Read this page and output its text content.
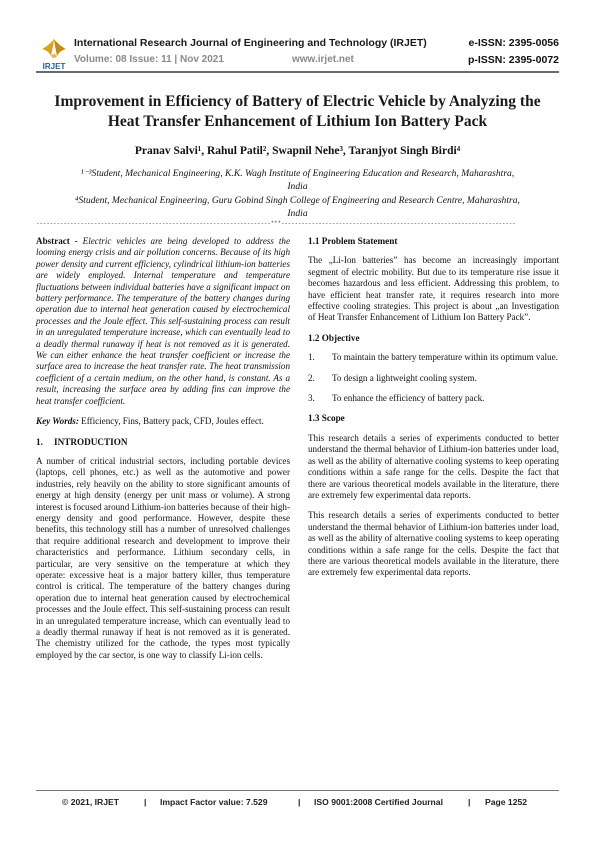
IRJET
International Research Journal of Engineering and Technology (IRJET)	e-ISSN: 2395-0056
Volume: 08 Issue: 11 | Nov 2021	www.irjet.net	p-ISSN: 2395-0072
Improvement in Efficiency of Battery of Electric Vehicle by Analyzing the Heat Transfer Enhancement of Lithium Ion Battery Pack
Pranav Salvi¹, Rahul Patil², Swapnil Nehe³, Taranjyot Singh Birdi⁴
¹⁻³Student, Mechanical Engineering, K.K. Wagh Institute of Engineering Education and Research, Maharashtra, India
⁴Student, Mechanical Engineering, Guru Gobind Singh College of Engineering and Research Centre, Maharashtra, India
---------------------------------------------------------------------***---------------------------------------------------------------------

Abstract - Electric vehicles are being developed to address the looming energy crisis and air pollution concerns. Because of its high power density and current efficiency, cylindrical lithium-ion batteries are widely employed. Internal temperature and temperature fluctuations between individual batteries have a significant impact on battery performance. The temperature of the battery changes during operation due to internal heat generation caused by electrochemical processes and the Joule effect. This self-sustaining process can result in an unregulated temperature increase, which can eventually lead to a deadly thermal runaway if heat is not removed as it is generated. We can either enhance the heat transfer coefficient or increase the surface area to increase the heat transfer rate. The heat transmission coefficient of a certain medium, on the other hand, is constant. As a result, increasing the surface area by adding fins can improve the heat transfer coefficient.

Key Words: Efficiency, Fins, Battery pack, CFD, Joules effect.

1. INTRODUCTION

A number of critical industrial sectors, including portable devices (laptops, cell phones, etc.) as well as the automotive and power industries, rely heavily on the ability to store significant amounts of energy at high density (energy per unit mass or volume). A strong interest is focused around Lithium-ion batteries because of their high-energy density and good performance. However, despite these benefits, this technology still has a number of unresolved challenges that require additional research and development to improve their characteristics and performance. Lithium secondary cells, in particular, are very sensitive on the temperature at which they operate: excessive heat is a major battery killer, thus temperature control is critical. The temperature of the battery changes during operation due to internal heat generation caused by electrochemical processes and the Joule effect. This self-sustaining process can result in an unregulated temperature increase, which can eventually lead to a deadly thermal runaway if heat is not removed as it is generated. The chemistry utilized for the cathode, the types most typically employed by the car sector, is one way to classify Li-ion cells.

1.1 Problem Statement

The „Li-Ion batteries” has become an increasingly important segment of electric mobility. But due to its temperature rise issue it becomes hazardous and less efficient. Addressing this problem, to have efficient heat transfer rate, it requires research into more effective cooling strategies. This project is about „an Investigation of Heat Transfer Enhancement of Lithium Ion Battery Pack”.

1.2 Objective
1. To maintain the battery temperature within its optimum value.
2. To design a lightweight cooling system.
3. To enhance the efficiency of battery pack.
1.3 Scope

This research details a series of experiments conducted to better understand the thermal behavior of Lithium-ion batteries under load, as well as the ability of alternative cooling systems to keep operating conditions within a safe range for the cells. Despite the fact that there are various theoretical models available in the literature, there are extremely few experimental data reports.

This research details a series of experiments conducted to better understand the thermal behavior of Lithium-ion batteries under load, as well as the ability of alternative cooling systems to keep operating conditions within a safe range for the cells. Despite the fact that there are various theoretical models available in the literature, there are extremely few experimental data reports.

© 2021, IRJET	| Impact Factor value: 7.529	| ISO 9001:2008 Certified Journal	| Page 1252
